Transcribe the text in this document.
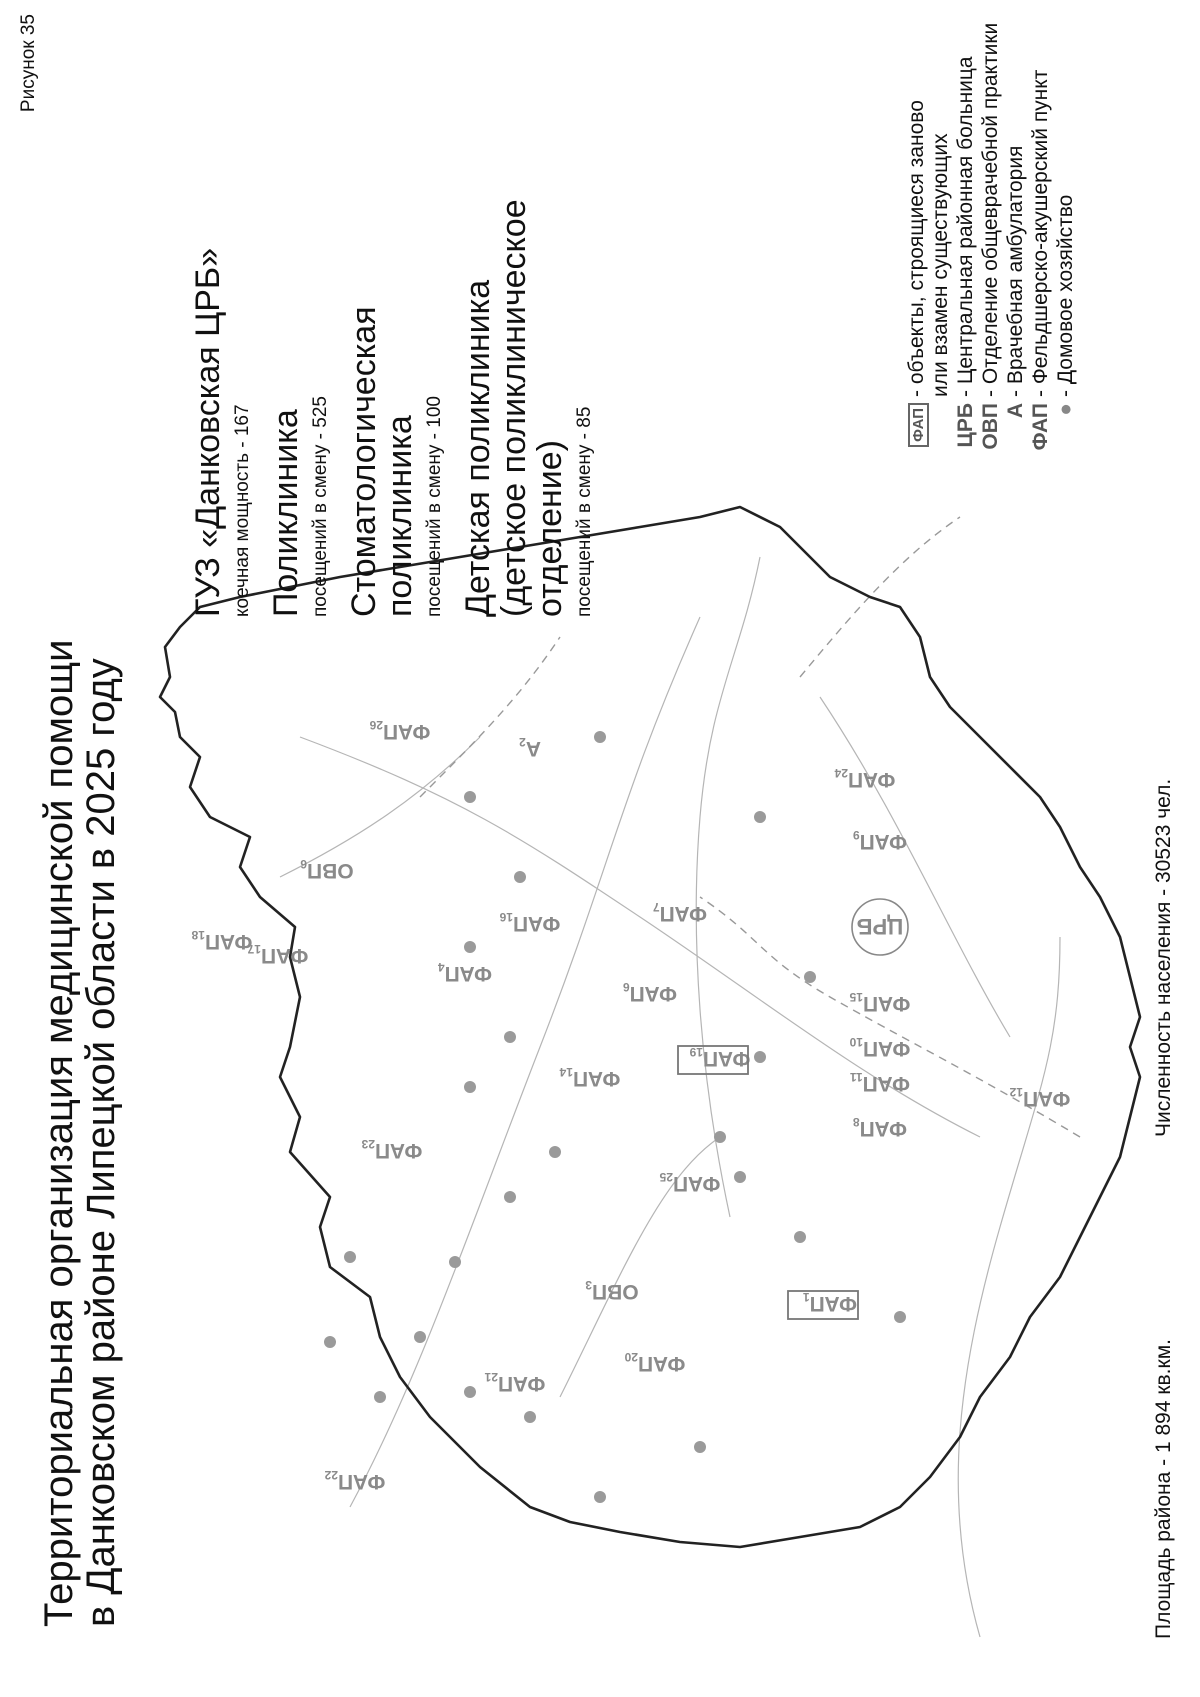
Рисунок 35
Территориальная организация медицинской помощи
в Данковском районе Липецкой области в 2025 году	ФАП22
ФАП21
ФАП20
ОВП3
ФАП1
ФАП25
ФАП8
ФАП11
ФАП10
ФАП15
ФАП12
ФАП14
ФАП19
ФАП6
ФАП7
ЦРБ
ФАП9
ФАП24
ФАП4
ФАП16
А2
ФАП26
ФАП23
ФАП18
ФАП17
ОВП6
ГУЗ «Данковская ЦРБ» коечная мощность - 167 Поликлиника посещений в смену - 525 Стоматологическая
поликлиника посещений в смену - 100 Детская поликлиника
(детское поликлиническое
отделение) посещений в смену - 85	ФАП
- объекты, строящиеся заново или взамен существующих
ЦРБ
- Центральная районная больница
ОВП
- Отделение общеврачебной практики
А
- Врачебная амбулатория
ФАП
- Фельдшерско-акушерский пункт
●
- Домовое хозяйство
Площадь района - 1 894 кв.км.
Численность населения - 30523 чел.
